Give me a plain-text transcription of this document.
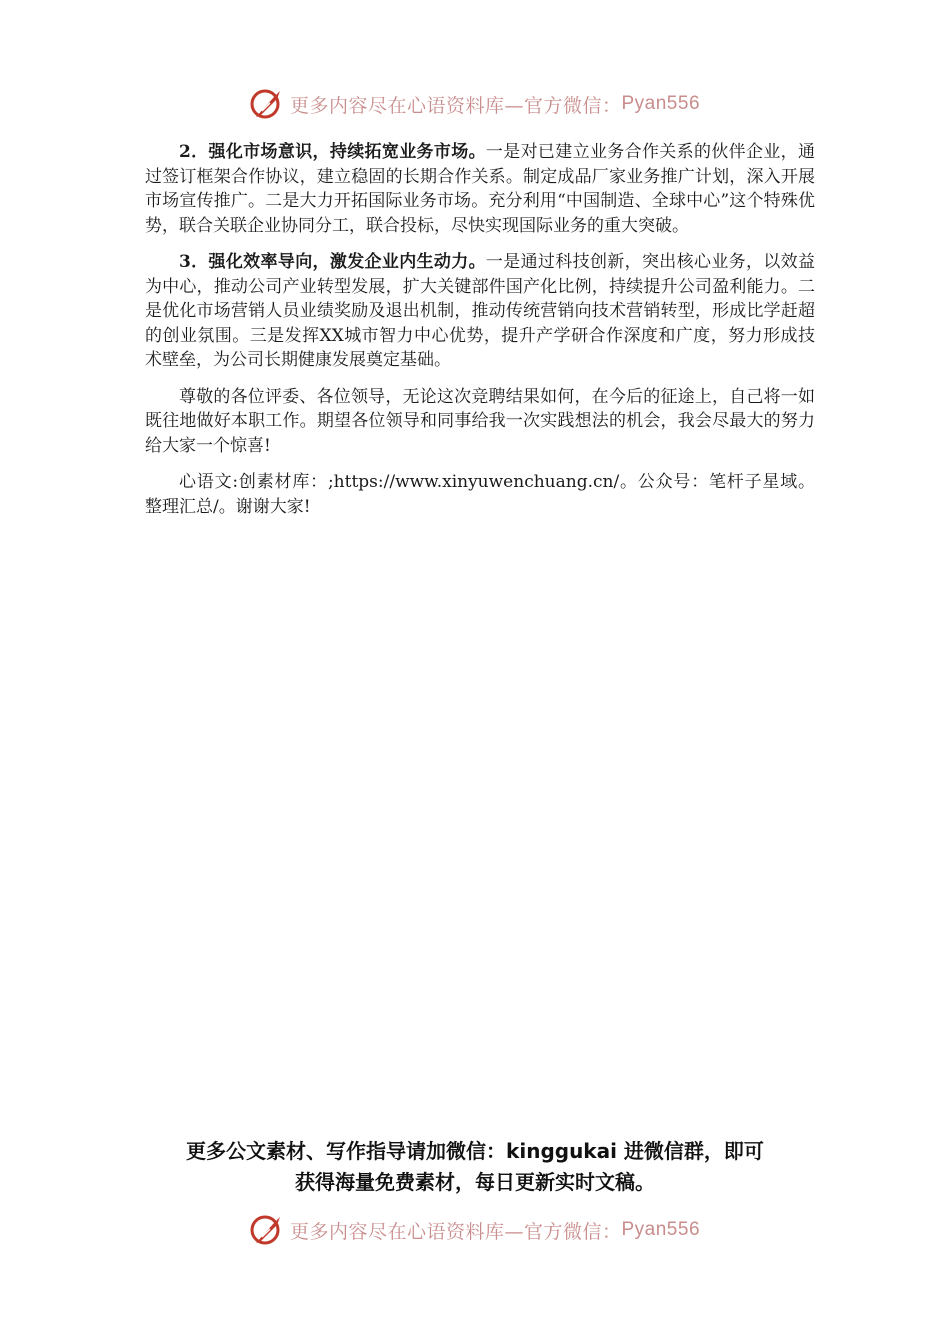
更多内容尽在心语资料库—官方微信： Pyan556

2．强化市场意识，持续拓宽业务市场。一是对已建立业务合作关系的伙伴企业，通过签订框架合作协议，建立稳固的长期合作关系。制定成品厂家业务推广计划，深入开展市场宣传推广。二是大力开拓国际业务市场。充分利用“中国制造、全球中心”这个特殊优势，联合关联企业协同分工，联合投标，尽快实现国际业务的重大突破。

3．强化效率导向，激发企业内生动力。一是通过科技创新，突出核心业务，以效益为中心，推动公司产业转型发展，扩大关键部件国产化比例，持续提升公司盈利能力。二是优化市场营销人员业绩奖励及退出机制，推动传统营销向技术营销转型，形成比学赶超的创业氛围。三是发挥XX城市智力中心优势，提升产学研合作深度和广度，努力形成技术壁垒，为公司长期健康发展奠定基础。

尊敬的各位评委、各位领导，无论这次竞聘结果如何，在今后的征途上，自己将一如既往地做好本职工作。期望各位领导和同事给我一次实践想法的机会，我会尽最大的努力给大家一个惊喜!

心语文:创素材库：;https://www.xinyuwenchuang.cn/。公众号：笔杆子星域。整理汇总/。谢谢大家!

更多公文素材、写作指导请加微信：kinggukai 进微信群，即可
获得海量免费素材，每日更新实时文稿。
更多内容尽在心语资料库—官方微信： Pyan556
